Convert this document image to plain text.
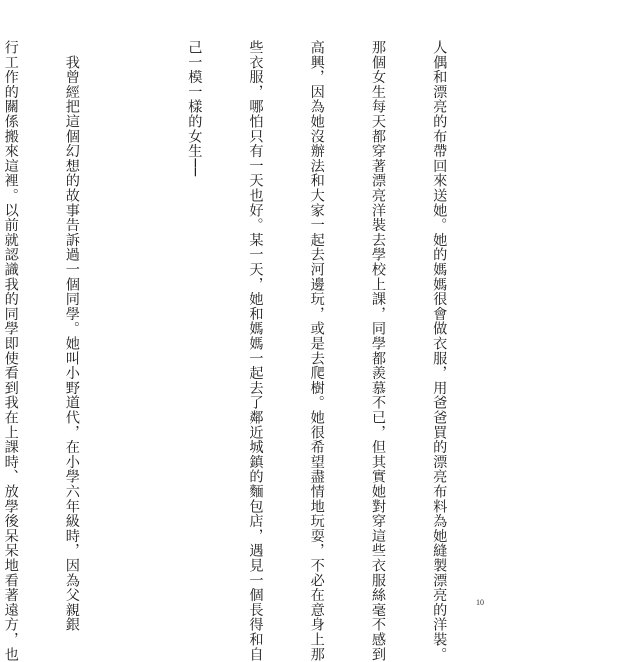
人偶和漂亮的布帶回來送她。她的媽媽很會做衣服，用爸爸買的漂亮布料為她縫製漂亮的洋裝。

那個女生每天都穿著漂亮洋裝去學校上課，同學都羨慕不已，但其實她對穿這些衣服絲毫不感到

高興，因為她沒辦法和大家一起去河邊玩，或是去爬樹。她很希望盡情地玩耍，不必在意身上那

些衣服，哪怕只有一天也好。某一天，她和媽媽一起去了鄰近城鎮的麵包店，遇見一個長得和自

己一模一樣的女生──

　我曾經把這個幻想的故事告訴過一個同學。她叫小野道代，在小學六年級時，因為父親銀

行工作的關係搬來這裡。以前就認識我的同學即使看到我在上課時、放學後呆呆地看著遠方，也

	10
